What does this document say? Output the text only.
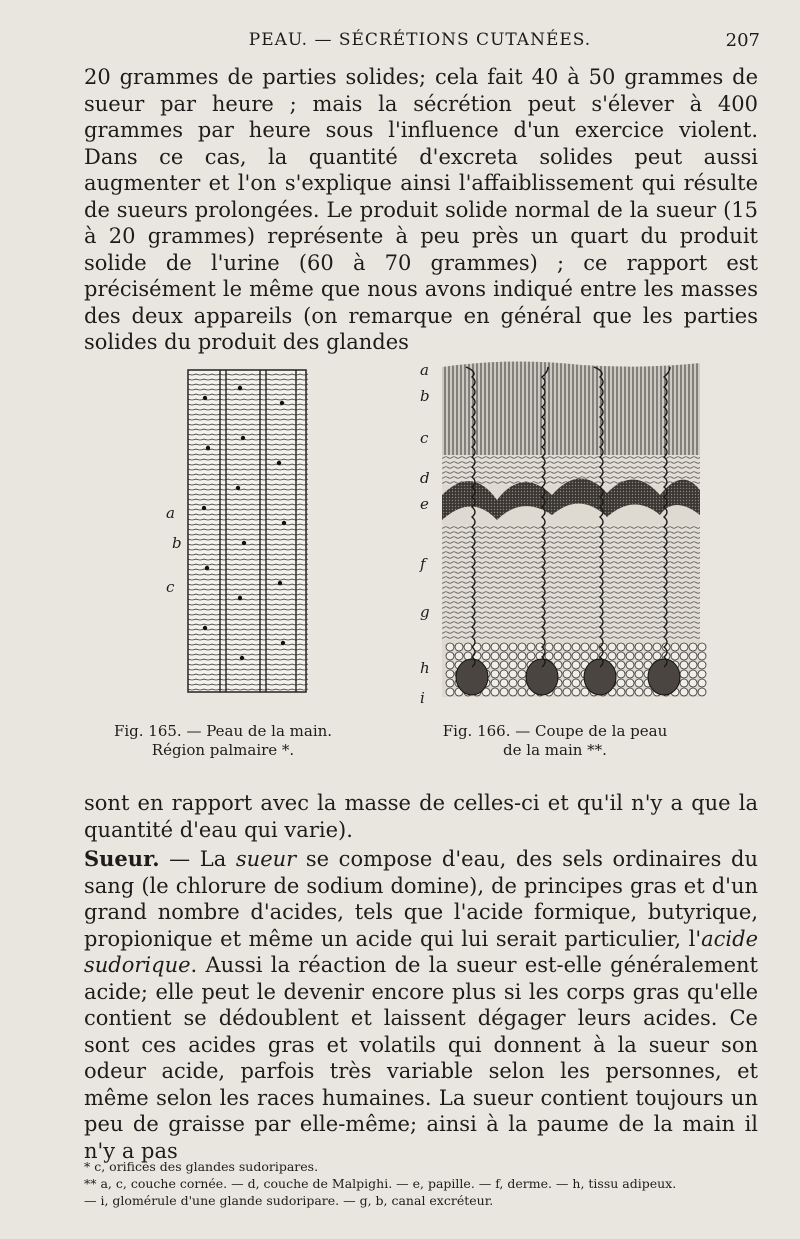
PEAU. — SÉCRÉTIONS CUTANÉES.	207

20 grammes de parties solides; cela fait 40 à 50 grammes de sueur par heure ; mais la sécrétion peut s'élever à 400 grammes par heure sous l'influence d'un exercice violent. Dans ce cas, la quantité d'excreta solides peut aussi augmenter et l'on s'explique ainsi l'affaiblissement qui résulte de sueurs prolongées. Le produit solide normal de la sueur (15 à 20 grammes) représente à peu près un quart du produit solide de l'urine (60 à 70 grammes) ; ce rapport est précisément le même que nous avons indiqué entre les masses des deux appareils (on remarque en général que les parties solides du produit des glandes

a
b
c
a
b
c
d
e
f
g
h
i
Fig. 165. — Peau de la main.
Région palmaire *.
Fig. 166. — Coupe de la peau
de la main **.

sont en rapport avec la masse de celles-ci et qu'il n'y a que la quantité d'eau qui varie).

Sueur. — La sueur se compose d'eau, des sels ordinaires du sang (le chlorure de sodium domine), de principes gras et d'un grand nombre d'acides, tels que l'acide formique, butyrique, propionique et même un acide qui lui serait particulier, l'acide sudorique. Aussi la réaction de la sueur est-elle généralement acide; elle peut le devenir encore plus si les corps gras qu'elle contient se dédoublent et laissent dégager leurs acides. Ce sont ces acides gras et volatils qui donnent à la sueur son odeur acide, parfois très variable selon les personnes, et même selon les races humaines. La sueur contient toujours un peu de graisse par elle-même; ainsi à la paume de la main il n'y a pas

* c, orifices des glandes sudoripares.
** a, c, couche cornée. — d, couche de Malpighi. — e, papille. — f, derme. — h, tissu adipeux.
— i, glomérule d'une glande sudoripare. — g, b, canal excréteur.
